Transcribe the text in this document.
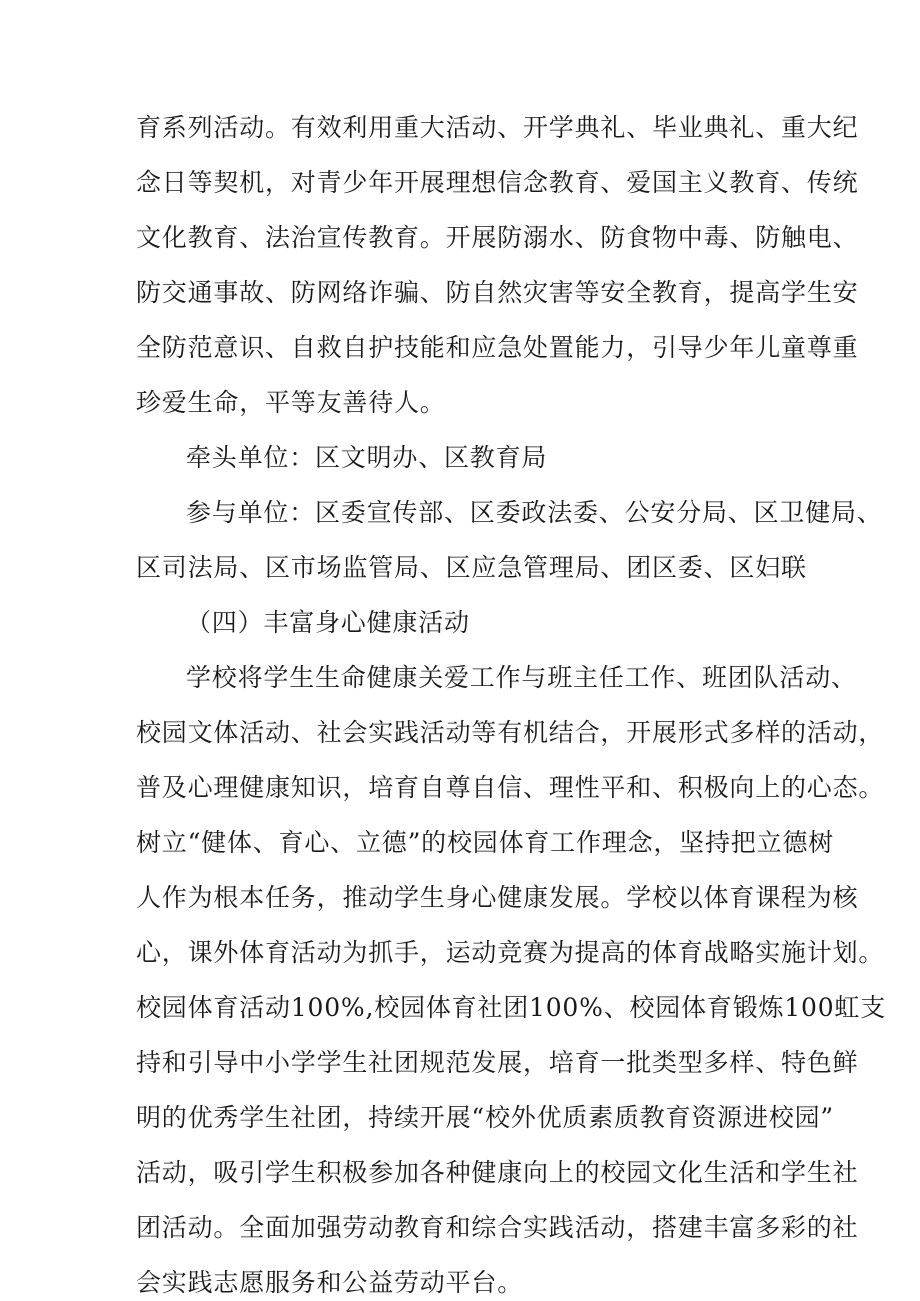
育系列活动。有效利用重大活动、开学典礼、毕业典礼、重大纪
念日等契机，对青少年开展理想信念教育、爱国主义教育、传统
文化教育、法治宣传教育。开展防溺水、防食物中毒、防触电、
防交通事故、防网络诈骗、防自然灾害等安全教育，提高学生安
全防范意识、自救自护技能和应急处置能力，引导少年儿童尊重
珍爱生命，平等友善待人。
牵头单位：区文明办、区教育局
参与单位：区委宣传部、区委政法委、公安分局、区卫健局、
区司法局、区市场监管局、区应急管理局、团区委、区妇联
（四）丰富身心健康活动
学校将学生生命健康关爱工作与班主任工作、班团队活动、
校园文体活动、社会实践活动等有机结合，开展形式多样的活动，
普及心理健康知识，培育自尊自信、理性平和、积极向上的心态。
树立“健体、育心、立德”的校园体育工作理念，坚持把立德树
人作为根本任务，推动学生身心健康发展。学校以体育课程为核
心，课外体育活动为抓手，运动竞赛为提高的体育战略实施计划。
校园体育活动100%,校园体育社团100%、校园体育锻炼100虹支
持和引导中小学学生社团规范发展，培育一批类型多样、特色鲜
明的优秀学生社团，持续开展“校外优质素质教育资源进校园”
活动，吸引学生积极参加各种健康向上的校园文化生活和学生社
团活动。全面加强劳动教育和综合实践活动，搭建丰富多彩的社
会实践志愿服务和公益劳动平台。
